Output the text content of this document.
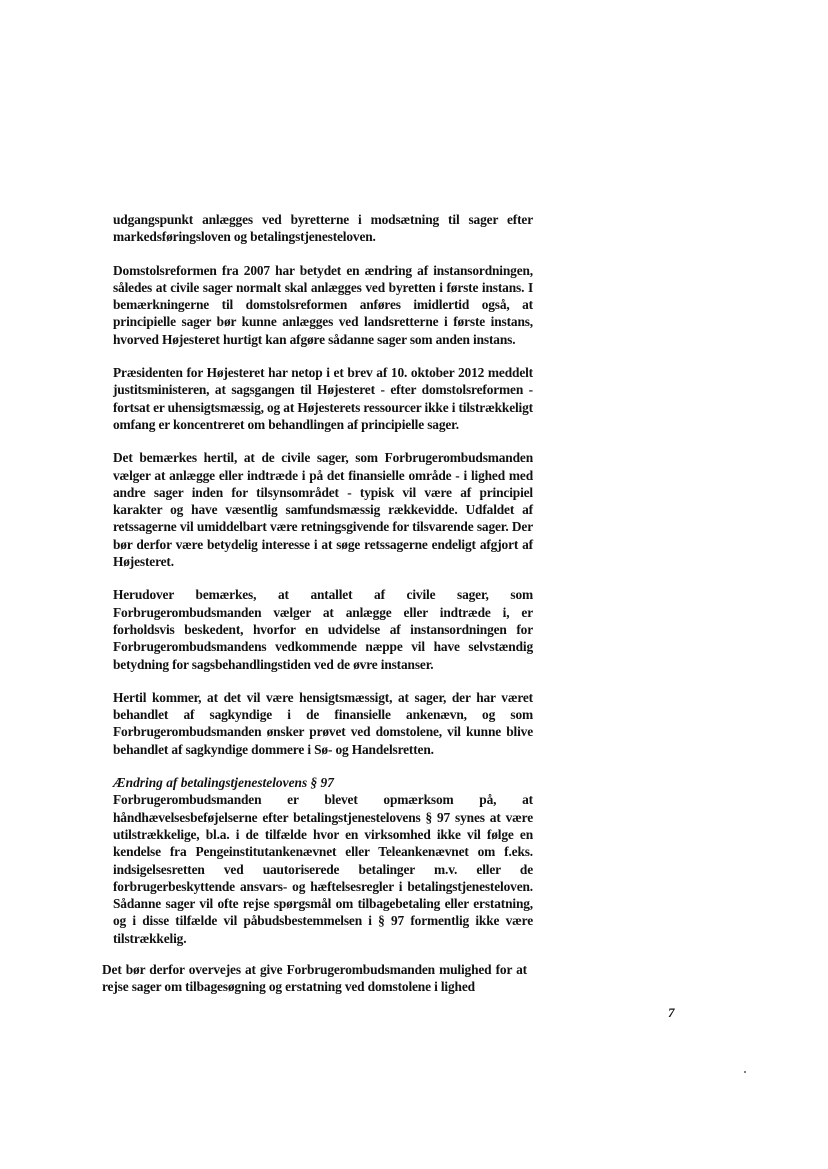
udgangspunkt anlægges ved byretterne i modsætning til sager efter markedsføringsloven og betalingstjenesteloven.

Domstolsreformen fra 2007 har betydet en ændring af instansordningen, således at civile sager normalt skal anlægges ved byretten i første instans. I bemærkningerne til domstolsreformen anføres imidlertid også, at principielle sager bør kunne anlægges ved landsretterne i første instans, hvorved Højesteret hurtigt kan afgøre sådanne sager som anden instans.

Præsidenten for Højesteret har netop i et brev af 10. oktober 2012 meddelt justitsministeren, at sagsgangen til Højesteret - efter domstolsreformen - fortsat er uhensigtsmæssig, og at Højesterets ressourcer ikke i tilstrækkeligt omfang er koncentreret om behandlingen af principielle sager.

Det bemærkes hertil, at de civile sager, som Forbrugerombudsmanden vælger at anlægge eller indtræde i på det finansielle område - i lighed med andre sager inden for tilsynsområdet - typisk vil være af principiel karakter og have væsentlig samfundsmæssig rækkevidde. Udfaldet af retssagerne vil umiddelbart være retningsgivende for tilsvarende sager. Der bør derfor være betydelig interesse i at søge retssagerne endeligt afgjort af Højesteret.

Herudover bemærkes, at antallet af civile sager, som Forbrugerombudsmanden vælger at anlægge eller indtræde i, er forholdsvis beskedent, hvorfor en udvidelse af instansordningen for Forbrugerombudsmandens vedkommende næppe vil have selvstændig betydning for sagsbehandlingstiden ved de øvre instanser.

Hertil kommer, at det vil være hensigtsmæssigt, at sager, der har været behandlet af sagkyndige i de finansielle ankenævn, og som Forbrugerombudsmanden ønsker prøvet ved domstolene, vil kunne blive behandlet af sagkyndige dommere i Sø- og Handelsretten.

Ændring af betalingstjenestelovens § 97

Forbrugerombudsmanden er blevet opmærksom på, at håndhævelsesbeføjelserne efter betalingstjenestelovens § 97 synes at være utilstrækkelige, bl.a. i de tilfælde hvor en virksomhed ikke vil følge en kendelse fra Pengeinstitutankenævnet eller Teleankenævnet om f.eks. indsigelsesretten ved uautoriserede betalinger m.v. eller de forbrugerbeskyttende ansvars- og hæftelsesregler i betalingstjenesteloven. Sådanne sager vil ofte rejse spørgsmål om tilbagebetaling eller erstatning, og i disse tilfælde vil påbudsbestemmelsen i § 97 formentlig ikke være tilstrækkelig.

Det bør derfor overvejes at give Forbrugerombudsmanden mulighed for at rejse sager om tilbagesøgning og erstatning ved domstolene i lighed

7
